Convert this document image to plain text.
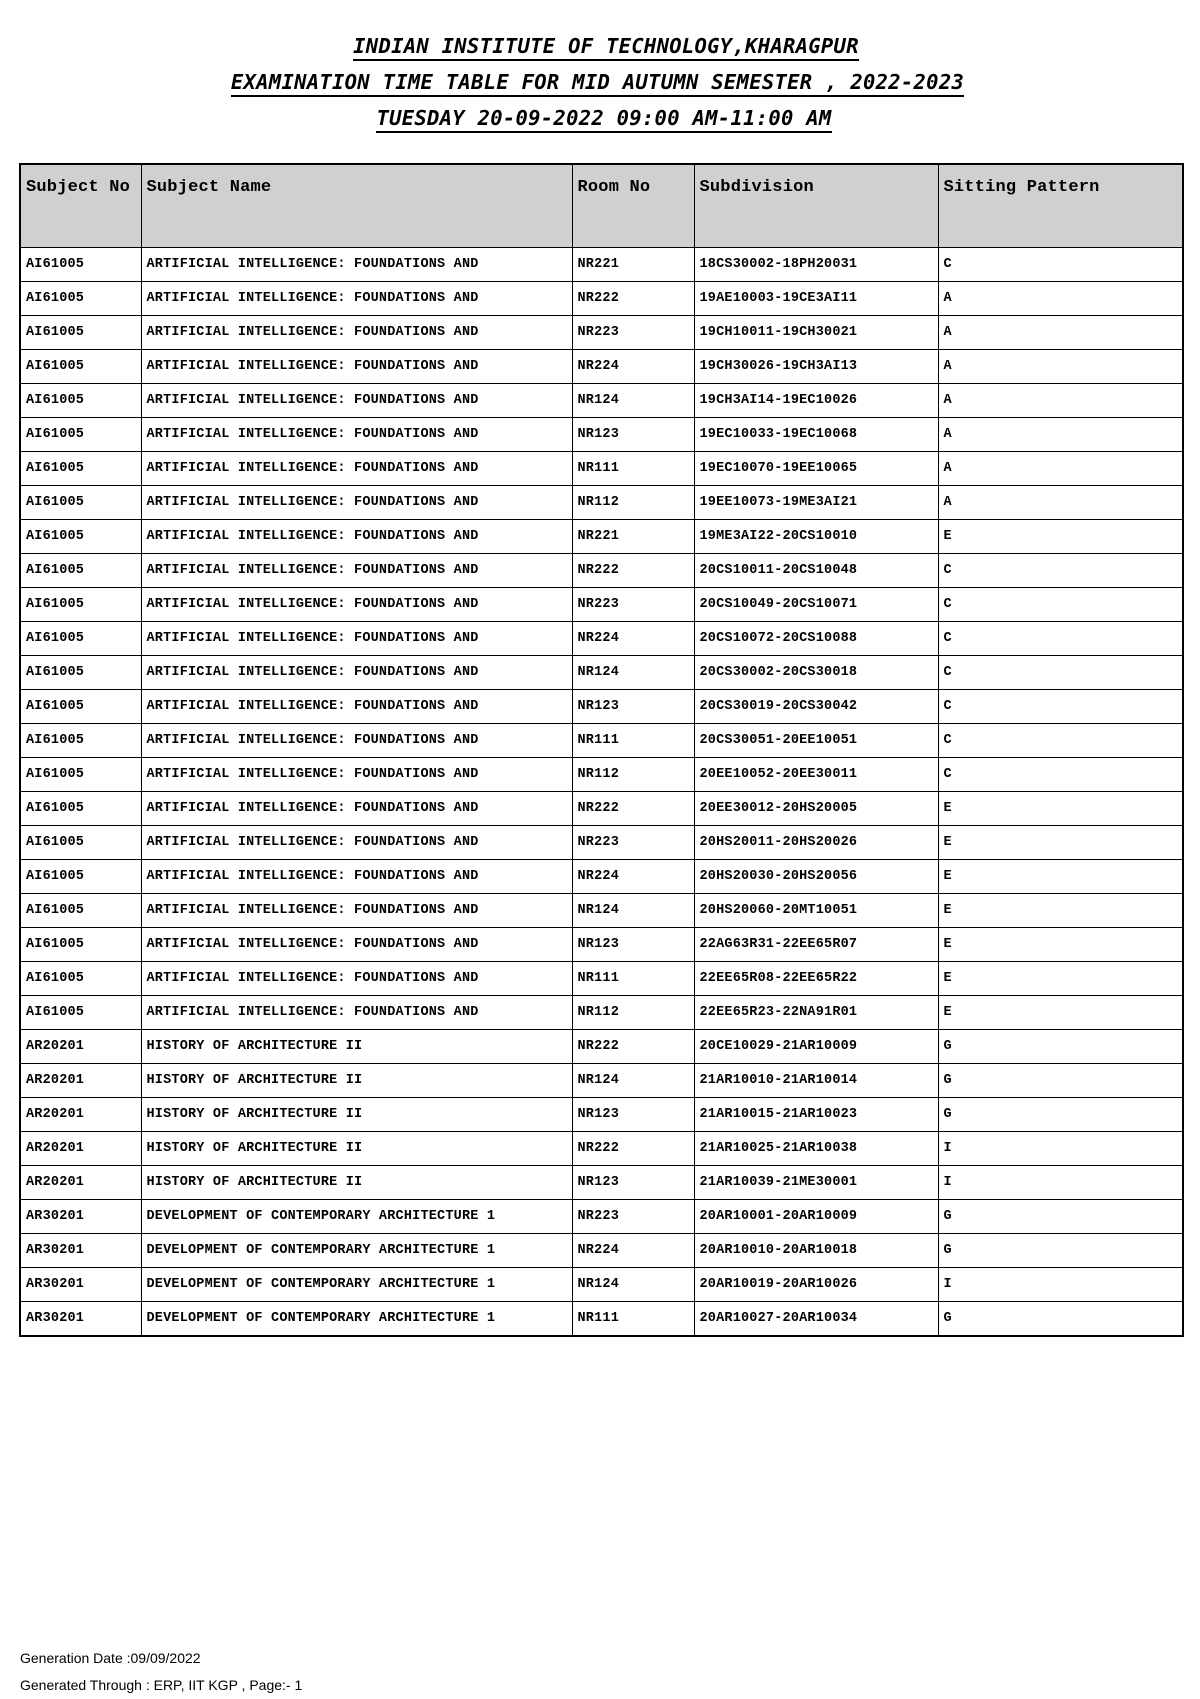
INDIAN INSTITUTE OF TECHNOLOGY,KHARAGPUR
EXAMINATION TIME TABLE FOR MID AUTUMN SEMESTER , 2022-2023
TUESDAY 20-09-2022 09:00 AM-11:00 AM
Subject No	Subject Name	Room No	Subdivision	Sitting Pattern
AI61005	ARTIFICIAL INTELLIGENCE: FOUNDATIONS AND	NR221	18CS30002-18PH20031	C
AI61005	ARTIFICIAL INTELLIGENCE: FOUNDATIONS AND	NR222	19AE10003-19CE3AI11	A
AI61005	ARTIFICIAL INTELLIGENCE: FOUNDATIONS AND	NR223	19CH10011-19CH30021	A
AI61005	ARTIFICIAL INTELLIGENCE: FOUNDATIONS AND	NR224	19CH30026-19CH3AI13	A
AI61005	ARTIFICIAL INTELLIGENCE: FOUNDATIONS AND	NR124	19CH3AI14-19EC10026	A
AI61005	ARTIFICIAL INTELLIGENCE: FOUNDATIONS AND	NR123	19EC10033-19EC10068	A
AI61005	ARTIFICIAL INTELLIGENCE: FOUNDATIONS AND	NR111	19EC10070-19EE10065	A
AI61005	ARTIFICIAL INTELLIGENCE: FOUNDATIONS AND	NR112	19EE10073-19ME3AI21	A
AI61005	ARTIFICIAL INTELLIGENCE: FOUNDATIONS AND	NR221	19ME3AI22-20CS10010	E
AI61005	ARTIFICIAL INTELLIGENCE: FOUNDATIONS AND	NR222	20CS10011-20CS10048	C
AI61005	ARTIFICIAL INTELLIGENCE: FOUNDATIONS AND	NR223	20CS10049-20CS10071	C
AI61005	ARTIFICIAL INTELLIGENCE: FOUNDATIONS AND	NR224	20CS10072-20CS10088	C
AI61005	ARTIFICIAL INTELLIGENCE: FOUNDATIONS AND	NR124	20CS30002-20CS30018	C
AI61005	ARTIFICIAL INTELLIGENCE: FOUNDATIONS AND	NR123	20CS30019-20CS30042	C
AI61005	ARTIFICIAL INTELLIGENCE: FOUNDATIONS AND	NR111	20CS30051-20EE10051	C
AI61005	ARTIFICIAL INTELLIGENCE: FOUNDATIONS AND	NR112	20EE10052-20EE30011	C
AI61005	ARTIFICIAL INTELLIGENCE: FOUNDATIONS AND	NR222	20EE30012-20HS20005	E
AI61005	ARTIFICIAL INTELLIGENCE: FOUNDATIONS AND	NR223	20HS20011-20HS20026	E
AI61005	ARTIFICIAL INTELLIGENCE: FOUNDATIONS AND	NR224	20HS20030-20HS20056	E
AI61005	ARTIFICIAL INTELLIGENCE: FOUNDATIONS AND	NR124	20HS20060-20MT10051	E
AI61005	ARTIFICIAL INTELLIGENCE: FOUNDATIONS AND	NR123	22AG63R31-22EE65R07	E
AI61005	ARTIFICIAL INTELLIGENCE: FOUNDATIONS AND	NR111	22EE65R08-22EE65R22	E
AI61005	ARTIFICIAL INTELLIGENCE: FOUNDATIONS AND	NR112	22EE65R23-22NA91R01	E
AR20201	HISTORY OF ARCHITECTURE II	NR222	20CE10029-21AR10009	G
AR20201	HISTORY OF ARCHITECTURE II	NR124	21AR10010-21AR10014	G
AR20201	HISTORY OF ARCHITECTURE II	NR123	21AR10015-21AR10023	G
AR20201	HISTORY OF ARCHITECTURE II	NR222	21AR10025-21AR10038	I
AR20201	HISTORY OF ARCHITECTURE II	NR123	21AR10039-21ME30001	I
AR30201	DEVELOPMENT OF CONTEMPORARY ARCHITECTURE 1	NR223	20AR10001-20AR10009	G
AR30201	DEVELOPMENT OF CONTEMPORARY ARCHITECTURE 1	NR224	20AR10010-20AR10018	G
AR30201	DEVELOPMENT OF CONTEMPORARY ARCHITECTURE 1	NR124	20AR10019-20AR10026	I
AR30201	DEVELOPMENT OF CONTEMPORARY ARCHITECTURE 1	NR111	20AR10027-20AR10034	G
Generation Date :09/09/2022
Generated Through : ERP, IIT KGP , Page:- 1
